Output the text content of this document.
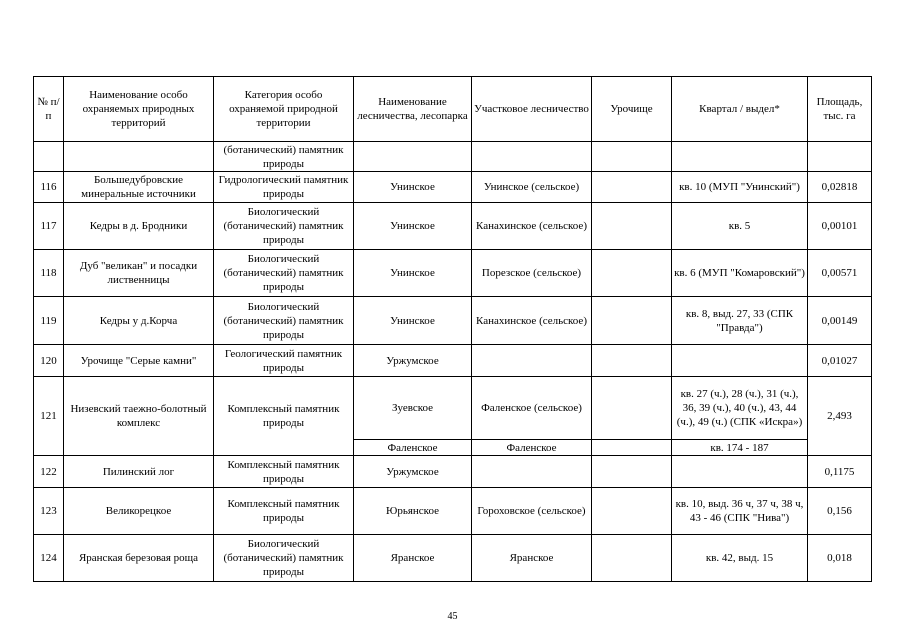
№ п/п	Наименование особо охраняемых природных территорий	Категория особо охраняемой природной территории	Наименование лесничества, лесопарка	Участковое лесничество	Урочище	Квартал / выдел*	Площадь, тыс. га
		(ботанический) памятник природы					
116	Большедубровские минеральные источники	Гидрологический памятник природы	Унинское	Унинское (сельское)		кв. 10 (МУП "Унинский")	0,02818
117	Кедры в д. Бродники	Биологический (ботанический) памятник природы	Унинское	Канахинское (сельское)		кв. 5	0,00101
118	Дуб "великан" и посадки лиственницы	Биологический (ботанический) памятник природы	Унинское	Порезское (сельское)		кв. 6 (МУП "Комаровский")	0,00571
119	Кедры у д.Корча	Биологический (ботанический) памятник природы	Унинское	Канахинское (сельское)		кв. 8, выд. 27, 33 (СПК "Правда")	0,00149
120	Урочище "Серые камни"	Геологический памятник природы	Уржумское				0,01027
121	Низевский таежно-болотный комплекс	Комплексный памятник природы	Зуевское	Фаленское (сельское)		кв. 27 (ч.), 28 (ч.), 31 (ч.), 36, 39 (ч.), 40 (ч.), 43, 44 (ч.), 49 (ч.) (СПК «Искра»)	2,493
			Фаленское	Фаленское		кв. 174 - 187	
122	Пилинский лог	Комплексный памятник природы	Уржумское				0,1175
123	Великорецкое	Комплексный памятник природы	Юрьянское	Гороховское (сельское)		кв. 10, выд. 36 ч, 37 ч, 38 ч, 43 - 46 (СПК "Нива")	0,156
124	Яранская березовая роща	Биологический (ботанический) памятник природы	Яранское	Яранское		кв. 42, выд. 15	0,018
45
